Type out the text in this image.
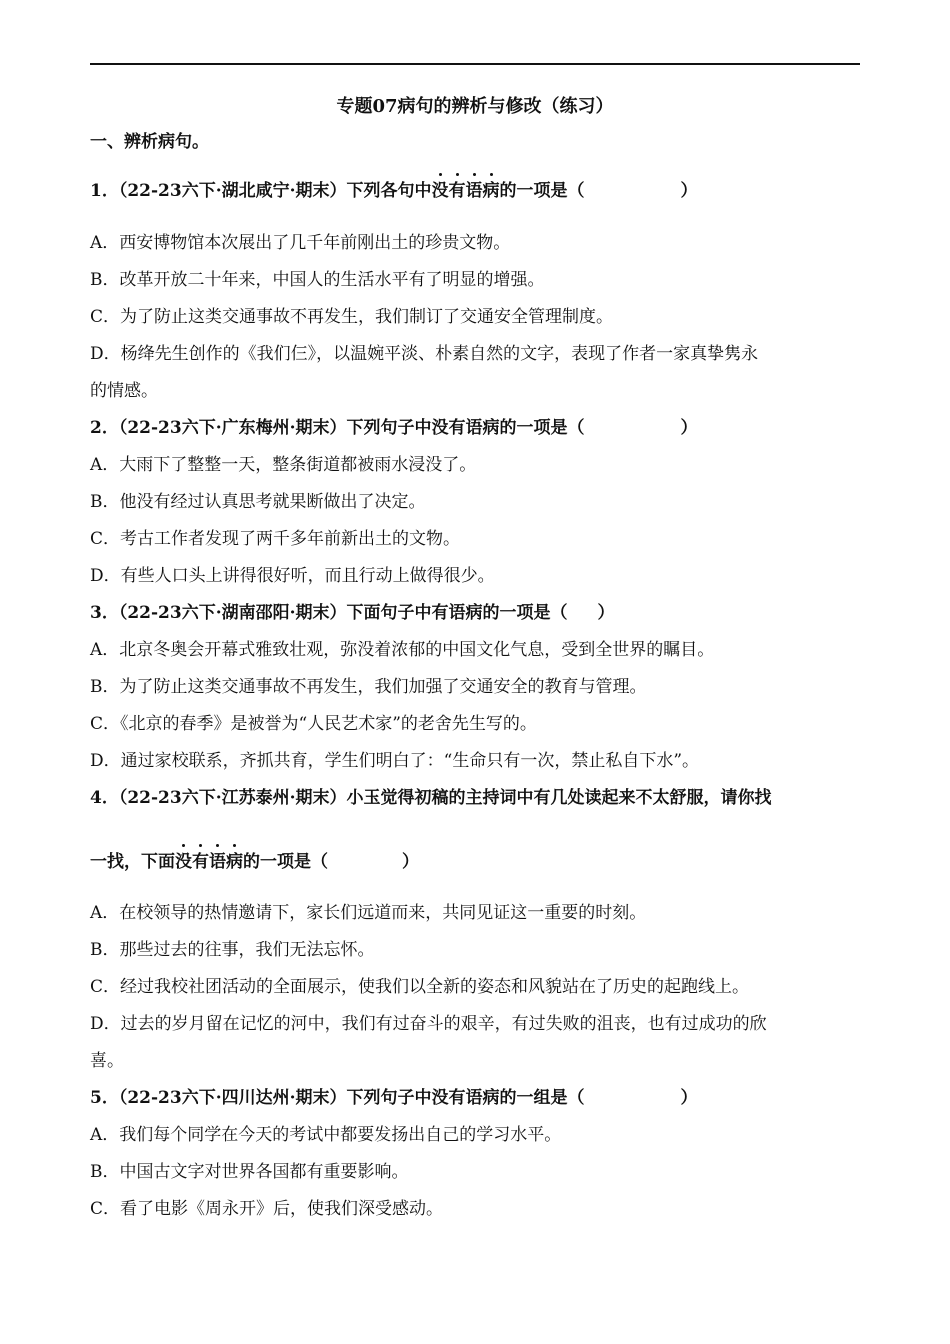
专题07病句的辨析与修改（练习）
一、辨析病句。
1．（22-23六下·湖北咸宁·期末）下列各句中
没有语病的一项是（	）
A．西安博物馆本次展出了几千年前刚出土的珍贵文物。
B．改革开放二十年来，中国人的生活水平有了明显的增强。
C．为了防止这类交通事故不再发生，我们制订了交通安全管理制度。
D．杨绛先生创作的《我们仨》，以温婉平淡、朴素自然的文字，表现了作者一家真挚隽永
的情感。
2．（22-23六下·广东梅州·期末）下列句子中没有语病的一项是（	）
A．大雨下了整整一天，整条街道都被雨水浸没了。
B．他没有经过认真思考就果断做出了决定。
C．考古工作者发现了两千多年前新出土的文物。
D．有些人口头上讲得很好听，而且行动上做得很少。
3．（22-23六下·湖南邵阳·期末）下面句子中有语病的一项是（ ）
A．北京冬奥会开幕式雅致壮观，弥没着浓郁的中国文化气息，受到全世界的瞩目。
B．为了防止这类交通事故不再发生，我们加强了交通安全的教育与管理。
C．《北京的春季》是被誉为“人民艺术家”的老舍先生写的。
D．通过家校联系，齐抓共育，学生们明白了：“生命只有一次，禁止私自下水”。
4．（22-23六下·江苏泰州·期末）小玉觉得初稿的主持词中有几处读起来不太舒服，请你找
一找，下面
没有语病的一项是（	）
A．在校领导的热情邀请下，家长们远道而来，共同见证这一重要的时刻。
B．那些过去的往事，我们无法忘怀。
C．经过我校社团活动的全面展示，使我们以全新的姿态和风貌站在了历史的起跑线上。
D．过去的岁月留在记忆的河中，我们有过奋斗的艰辛，有过失败的沮丧，也有过成功的欣
喜。
5．（22-23六下·四川达州·期末）下列句子中没有语病的一组是（	）
A．我们每个同学在今天的考试中都要发扬出自己的学习水平。
B．中国古文字对世界各国都有重要影响。
C．看了电影《周永开》后，使我们深受感动。
